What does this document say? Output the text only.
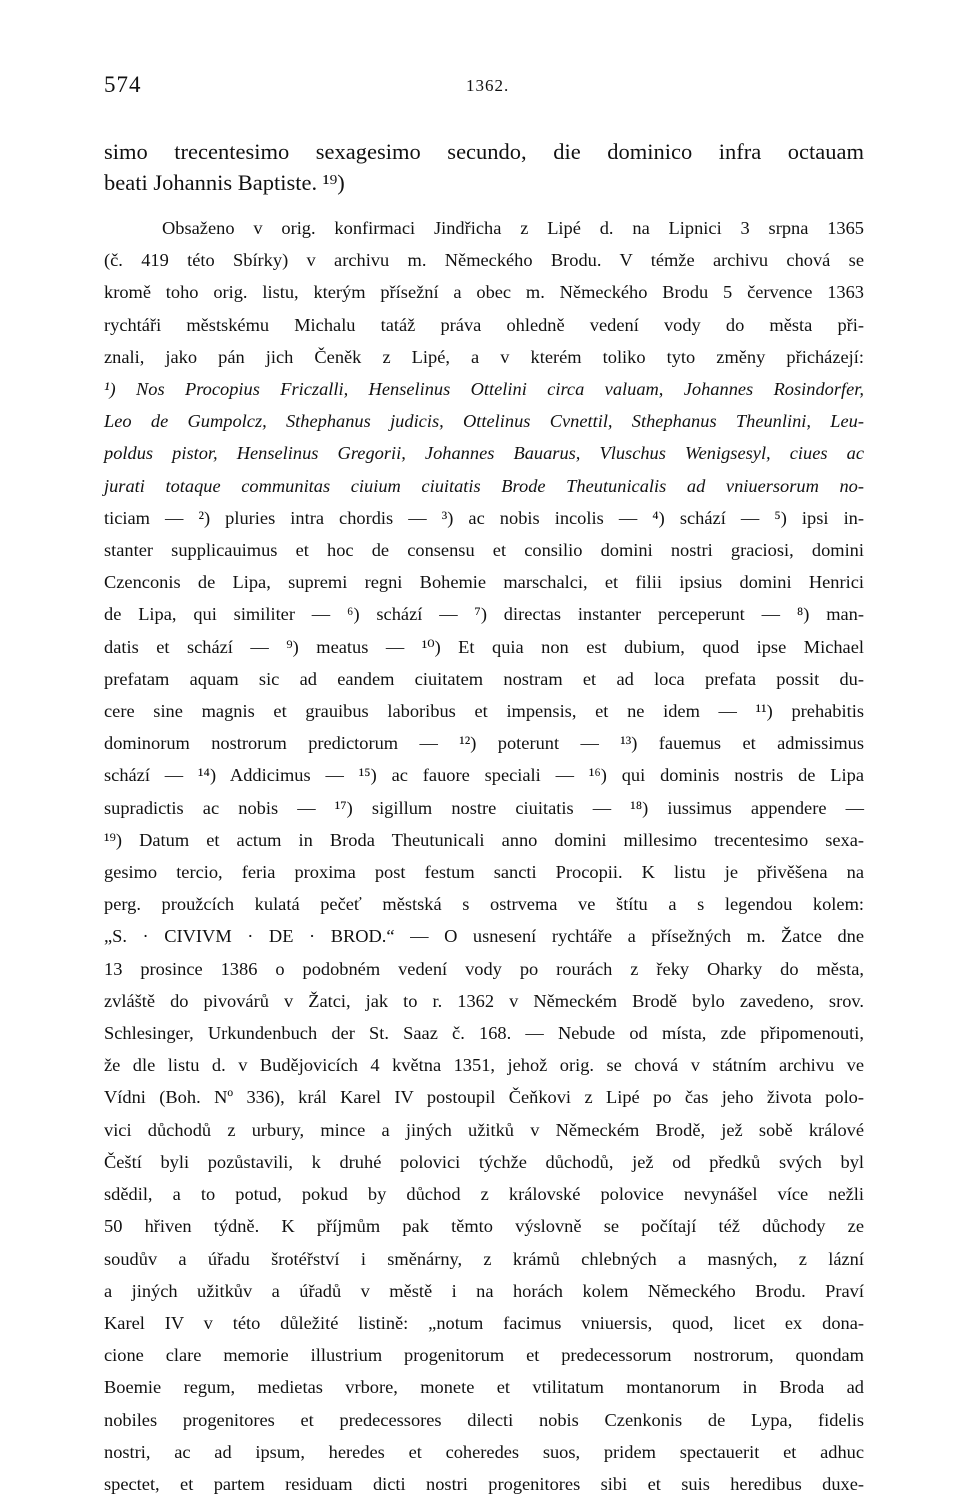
574	1362.
simo trecentesimo sexagesimo secundo, die dominico infra octauam
beati Johannis Baptiste. ¹⁹)
Obsaženo v orig. konfirmaci Jindřicha z Lipé d. na Lipnici 3 srpna 1365
(č. 419 této Sbírky) v archivu m. Německého Brodu. V témže archivu chová se
kromě toho orig. listu, kterým přísežní a obec m. Německého Brodu 5 července 1363
rychtáři městskému Michalu tatáž práva ohledně vedení vody do města při-
znali, jako pán jich Čeněk z Lipé, a v kterém toliko tyto změny přicházejí:
¹) Nos Procopius Friczalli, Henselinus Ottelini circa valuam, Johannes Rosindorfer,
Leo de Gumpolcz, Sthephanus judicis, Ottelinus Cvnettil, Sthephanus Theunlini, Leu-
poldus pistor, Henselinus Gregorii, Johannes Bauarus, Vluschus Wenigsesyl, ciues ac
jurati totaque communitas ciuium ciuitatis Brode Theutunicalis ad vniuersorum no-
ticiam — ²) pluries intra chordis — ³) ac nobis incolis — ⁴) schází — ⁵) ipsi in-
stanter supplicauimus et hoc de consensu et consilio domini nostri graciosi, domini
Czenconis de Lipa, supremi regni Bohemie marschalci, et filii ipsius domini Henrici
de Lipa, qui similiter — ⁶) schází — ⁷) directas instanter perceperunt — ⁸) man-
datis et schází — ⁹) meatus — ¹⁰) Et quia non est dubium, quod ipse Michael
prefatam aquam sic ad eandem ciuitatem nostram et ad loca prefata possit du-
cere sine magnis et grauibus laboribus et impensis, et ne idem — ¹¹) prehabitis
dominorum nostrorum predictorum — ¹²) poterunt — ¹³) fauemus et admissimus
schází — ¹⁴) Addicimus — ¹⁵) ac fauore speciali — ¹⁶) qui dominis nostris de Lipa
supradictis ac nobis — ¹⁷) sigillum nostre ciuitatis — ¹⁸) iussimus appendere —
¹⁹) Datum et actum in Broda Theutunicali anno domini millesimo trecentesimo sexa-
gesimo tercio, feria proxima post festum sancti Procopii. K listu je přivěšena na
perg. proužcích kulatá pečeť městská s ostrvema ve štítu a s legendou kolem:
„S. · CIVIVM · DE · BROD.“ — O usnesení rychtáře a přísežných m. Žatce dne
13 prosince 1386 o podobném vedení vody po rourách z řeky Oharky do města,
zvláště do pivovárů v Žatci, jak to r. 1362 v Německém Brodě bylo zavedeno, srov.
Schlesinger, Urkundenbuch der St. Saaz č. 168. — Nebude od místa, zde připomenouti,
že dle listu d. v Budějovicích 4 května 1351, jehož orig. se chová v státním archivu ve
Vídni (Boh. Nº 336), král Karel IV postoupil Čeňkovi z Lipé po čas jeho života polo-
vici důchodů z urbury, mince a jiných užitků v Německém Brodě, jež sobě králové
Čeští byli pozůstavili, k druhé polovici týchže důchodů, jež od předků svých byl
sdědil, a to potud, pokud by důchod z královské polovice nevynášel více nežli
50 hřiven týdně. K příjmům pak těmto výslovně se počítají též důchody ze
soudův a úřadu šrotéřství i směnárny, z krámů chlebných a masných, z lázní
a jiných užitkův a úřadů v městě i na horách kolem Německého Brodu. Praví
Karel IV v této důležité listině: „notum facimus vniuersis, quod, licet ex dona-
cione clare memorie illustrium progenitorum et predecessorum nostrorum, quondam
Boemie regum, medietas vrbore, monete et vtilitatum montanorum in Broda ad
nobiles progenitores et predecessores dilecti nobis Czenkonis de Lypa, fidelis
nostri, ac ad ipsum, heredes et coheredes suos, pridem spectauerit et adhuc
spectet, et partem residuam dicti nostri progenitores sibi et suis heredibus duxe-
